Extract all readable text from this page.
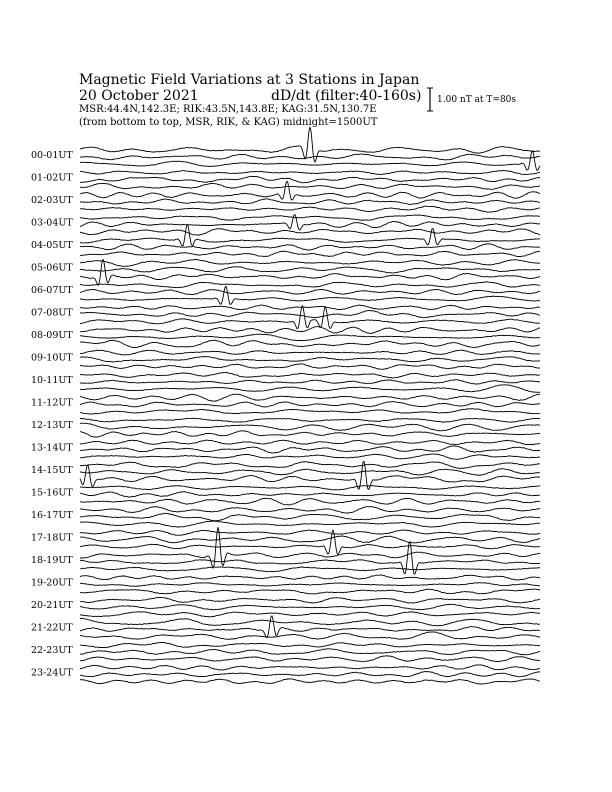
Magnetic Field Variations at 3 Stations in Japan
20 October 2021	dD/dt (filter:40-160s)
MSR:44.4N,142.3E; RIK:43.5N,143.8E; KAG:31.5N,130.7E
(from bottom to top, MSR, RIK, & KAG) midnight=1500UT
1.00 nT at T=80s
00-01UT
01-02UT
02-03UT
03-04UT
04-05UT
05-06UT
06-07UT
07-08UT
08-09UT
09-10UT
10-11UT
11-12UT
12-13UT
13-14UT
14-15UT
15-16UT
16-17UT
17-18UT
18-19UT
19-20UT
20-21UT
21-22UT
22-23UT
23-24UT
